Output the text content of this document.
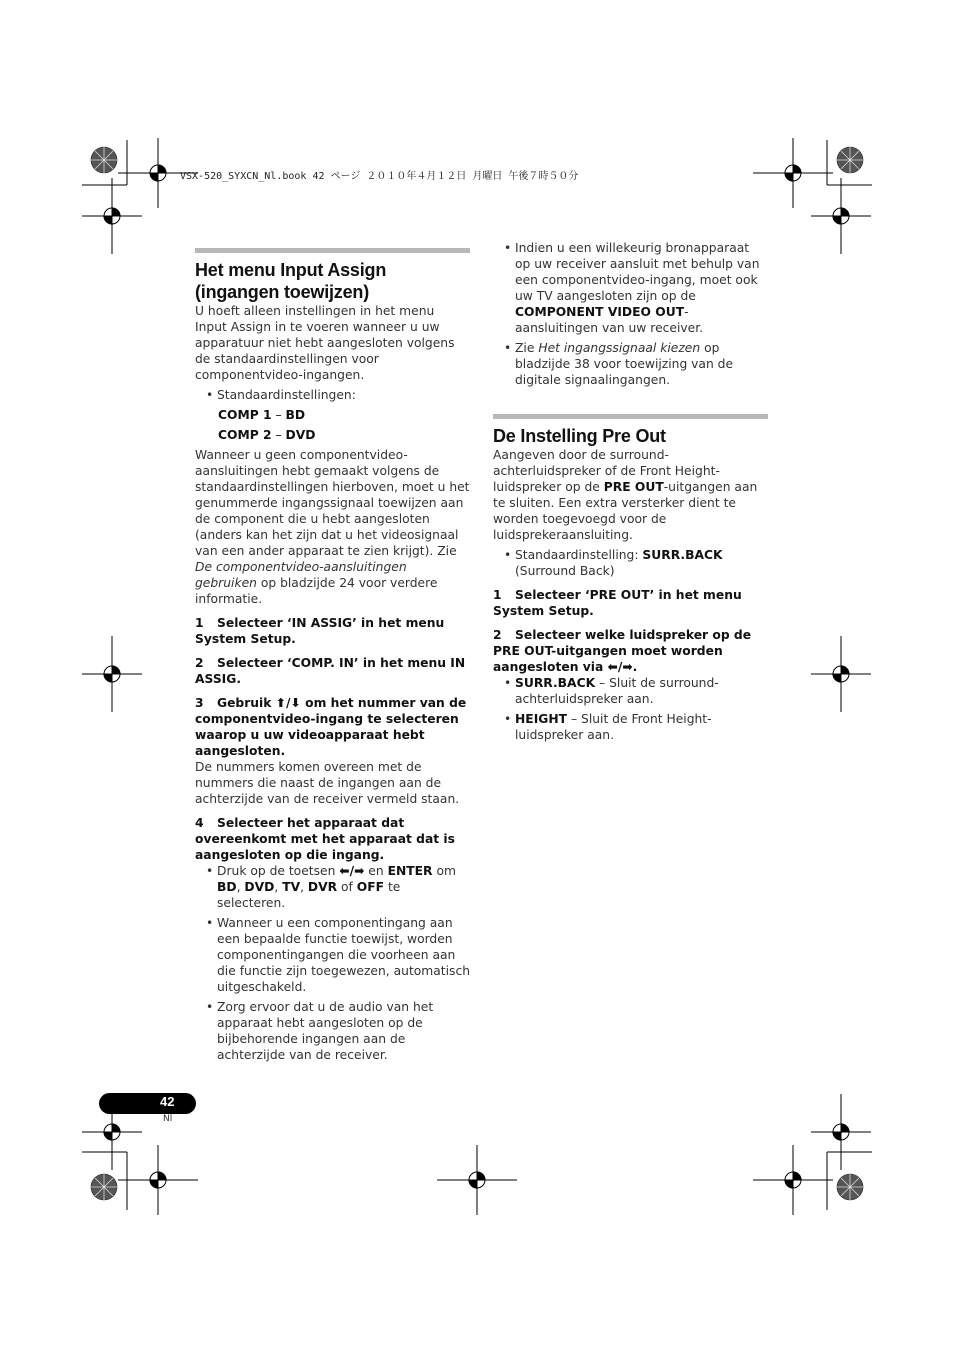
VSX-520_SYXCN_Nl.book 42 ページ ２０１０年４月１２日 月曜日 午後７時５０分
Het menu Input Assign
(ingangen toewijzen)

U hoeft alleen instellingen in het menu Input Assign in te voeren wanneer u uw apparatuur niet hebt aangesloten volgens de standaardinstellingen voor componentvideo-ingangen.

• Standaardinstellingen:

COMP 1 – BD

COMP 2 – DVD

Wanneer u geen componentvideo-aansluitingen hebt gemaakt volgens de standaardinstellingen hierboven, moet u het genummerde ingangssignaal toewijzen aan de component die u hebt aangesloten (anders kan het zijn dat u het videosignaal van een ander apparaat te zien krijgt). Zie De componentvideo-aansluitingen gebruiken op bladzijde 24 voor verdere informatie.

1 Selecteer ‘IN ASSIG’ in het menu System Setup.

2 Selecteer ‘COMP. IN’ in het menu IN ASSIG.

3 Gebruik ⬆/⬇ om het nummer van de componentvideo-ingang te selecteren waarop u uw videoapparaat hebt aangesloten.

De nummers komen overeen met de nummers die naast de ingangen aan de achterzijde van de receiver vermeld staan.

4 Selecteer het apparaat dat overeenkomt met het apparaat dat is aangesloten op die ingang.

• Druk op de toetsen ⬅/➡ en ENTER om BD, DVD, TV, DVR of OFF te selecteren.

• Wanneer u een componentingang aan een bepaalde functie toewijst, worden componentingangen die voorheen aan die functie zijn toegewezen, automatisch uitgeschakeld.

• Zorg ervoor dat u de audio van het apparaat hebt aangesloten op de bijbehorende ingangen aan de achterzijde van de receiver.

• Indien u een willekeurig bronapparaat op uw receiver aansluit met behulp van een componentvideo-ingang, moet ook uw TV aangesloten zijn op de COMPONENT VIDEO OUT-aansluitingen van uw receiver.

• Zie Het ingangssignaal kiezen op bladzijde 38 voor toewijzing van de digitale signaalingangen.

De Instelling Pre Out

Aangeven door de surround-achterluidspreker of de Front Height-luidspreker op de PRE OUT-uitgangen aan te sluiten. Een extra versterker dient te worden toegevoegd voor de luidsprekeraansluiting.

• Standaardinstelling: SURR.BACK
(Surround Back)

1 Selecteer ‘PRE OUT’ in het menu System Setup.

2 Selecteer welke luidspreker op de PRE OUT-uitgangen moet worden aangesloten via ⬅/➡.

• SURR.BACK – Sluit de surround-achterluidspreker aan.

• HEIGHT – Sluit de Front Height-luidspreker aan.

42
Nl
